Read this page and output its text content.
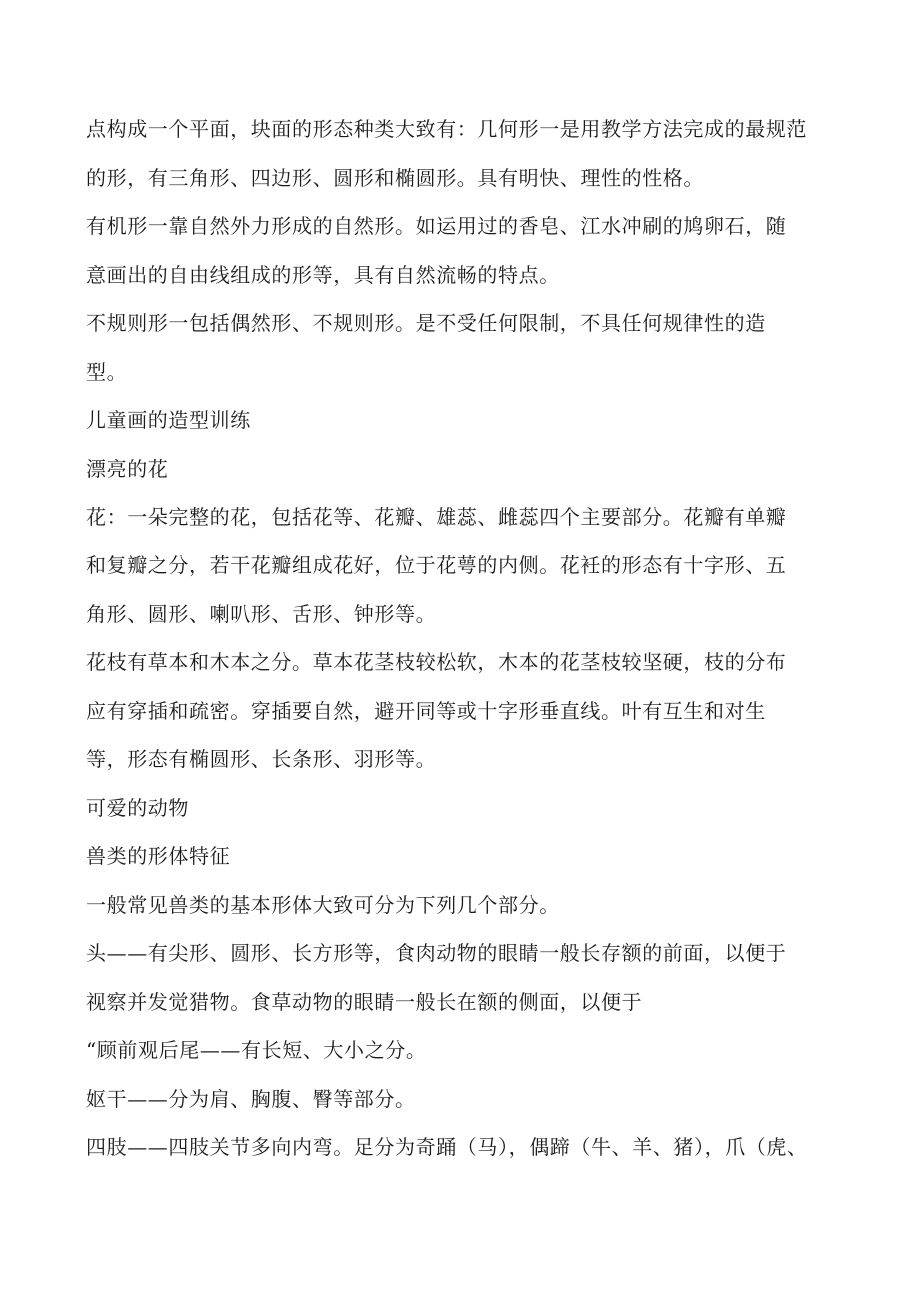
点构成一个平面，块面的形态种类大致有：几何形一是用教学方法完成的最规范

的形，有三角形、四边形、圆形和椭圆形。具有明快、理性的性格。

有机形一靠自然外力形成的自然形。如运用过的香皂、江水冲刷的鸠卵石，随

意画出的自由线组成的形等，具有自然流畅的特点。

不规则形一包括偶然形、不规则形。是不受任何限制，不具任何规律性的造

型。

儿童画的造型训练

漂亮的花

花：一朵完整的花，包括花等、花瓣、雄蕊、雌蕊四个主要部分。花瓣有单瓣

和复瓣之分，若干花瓣组成花好，位于花萼的内侧。花衽的形态有十字形、五

角形、圆形、喇叭形、舌形、钟形等。

花枝有草本和木本之分。草本花茎枝较松软，木本的花茎枝较坚硬，枝的分布

应有穿插和疏密。穿插要自然，避开同等或十字形垂直线。叶有互生和对生

等，形态有椭圆形、长条形、羽形等。

可爱的动物

兽类的形体特征

一般常见兽类的基本形体大致可分为下列几个部分。

头——有尖形、圆形、长方形等，食肉动物的眼睛一般长存额的前面，以便于

视察并发觉猎物。食草动物的眼睛一般长在额的侧面，以便于

“顾前观后尾——有长短、大小之分。

妪干——分为肩、胸腹、臀等部分。

四肢——四肢关节多向内弯。足分为奇踊（马），偶蹄（牛、羊、猪），爪（虎、
